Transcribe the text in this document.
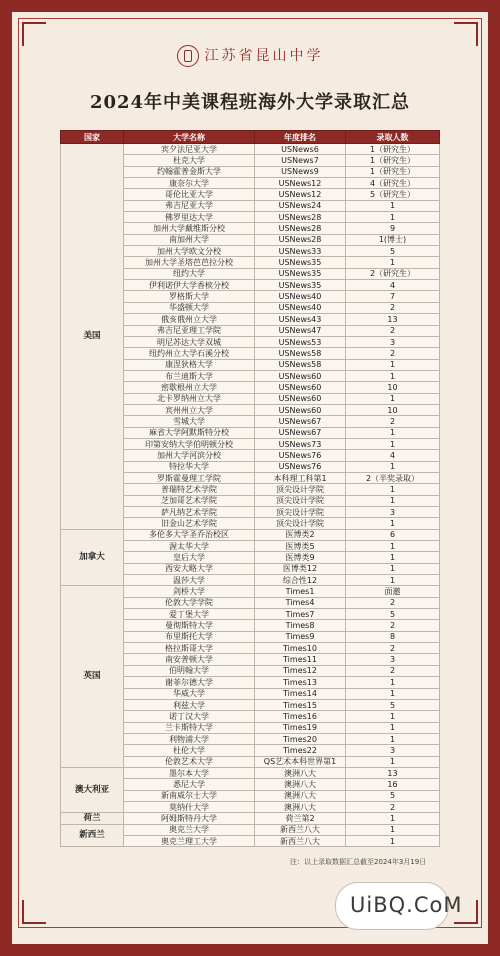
江苏省昆山中学
2024年中美课程班海外大学录取汇总
国家	大学名称	年度排名	录取人数
美国	宾夕法尼亚大学	USNews6	1（研究生）
	杜克大学	USNews7	1（研究生）
	约翰霍普金斯大学	USNews9	1（研究生）
	康奈尔大学	USNews12	4（研究生）
	哥伦比亚大学	USNews12	5（研究生）
	弗吉尼亚大学	USNews24	1
	佛罗里达大学	USNews28	1
	加州大学戴维斯分校	USNews28	9
	南加州大学	USNews28	1(博士)
	加州大学欧文分校	USNews33	5
	加州大学圣塔芭芭拉分校	USNews35	1
	纽约大学	USNews35	2（研究生）
	伊利诺伊大学香槟分校	USNews35	4
	罗格斯大学	USNews40	7
	华盛顿大学	USNews40	2
	俄亥俄州立大学	USNews43	13
	弗吉尼亚理工学院	USNews47	2
	明尼苏达大学双城	USNews53	3
	纽约州立大学石溪分校	USNews58	2
	康涅狄格大学	USNews58	1
	布兰迪斯大学	USNews60	1
	密歇根州立大学	USNews60	10
	北卡罗纳州立大学	USNews60	1
	宾州州立大学	USNews60	10
	雪城大学	USNews67	2
	麻省大学阿默斯特分校	USNews67	1
	印第安纳大学伯明顿分校	USNews73	1
	加州大学河滨分校	USNews76	4
	特拉华大学	USNews76	1
	罗斯霍曼理工学院	本科理工科第1	2（半奖录取）
	普瑞特艺术学院	顶尖设计学院	1
	芝加哥艺术学院	顶尖设计学院	1
	萨凡纳艺术学院	顶尖设计学院	3
	旧金山艺术学院	顶尖设计学院	1
加拿大	多伦多大学圣乔治校区	医博类2	6
	渥太华大学	医博类5	1
	皇后大学	医博类9	1
	西安大略大学	医博类12	1
	温莎大学	综合性12	1
英国	剑桥大学	Times1	面邀
	伦敦大学学院	Times4	2
	爱丁堡大学	Times7	5
	曼彻斯特大学	Times8	2
	布里斯托大学	Times9	8
	格拉斯哥大学	Times10	2
	南安普顿大学	Times11	3
	伯明翰大学	Times12	2
	谢菲尔德大学	Times13	1
	华威大学	Times14	1
	利兹大学	Times15	5
	诺丁汉大学	Times16	1
	兰卡斯特大学	Times19	1
	利物浦大学	Times20	1
	杜伦大学	Times22	3
	伦敦艺术大学	QS艺术本科世界第1	1
澳大利亚	墨尔本大学	澳洲八大	13
	悉尼大学	澳洲八大	16
	新南威尔士大学	澳洲八大	5
	莫纳什大学	澳洲八大	2
荷兰	阿姆斯特丹大学	荷兰第2	1
新西兰	奥克兰大学	新西兰八大	1
	奥克兰理工大学	新西兰八大	1
注：以上录取数据汇总截至2024年3月19日
UiBQ.CoM
